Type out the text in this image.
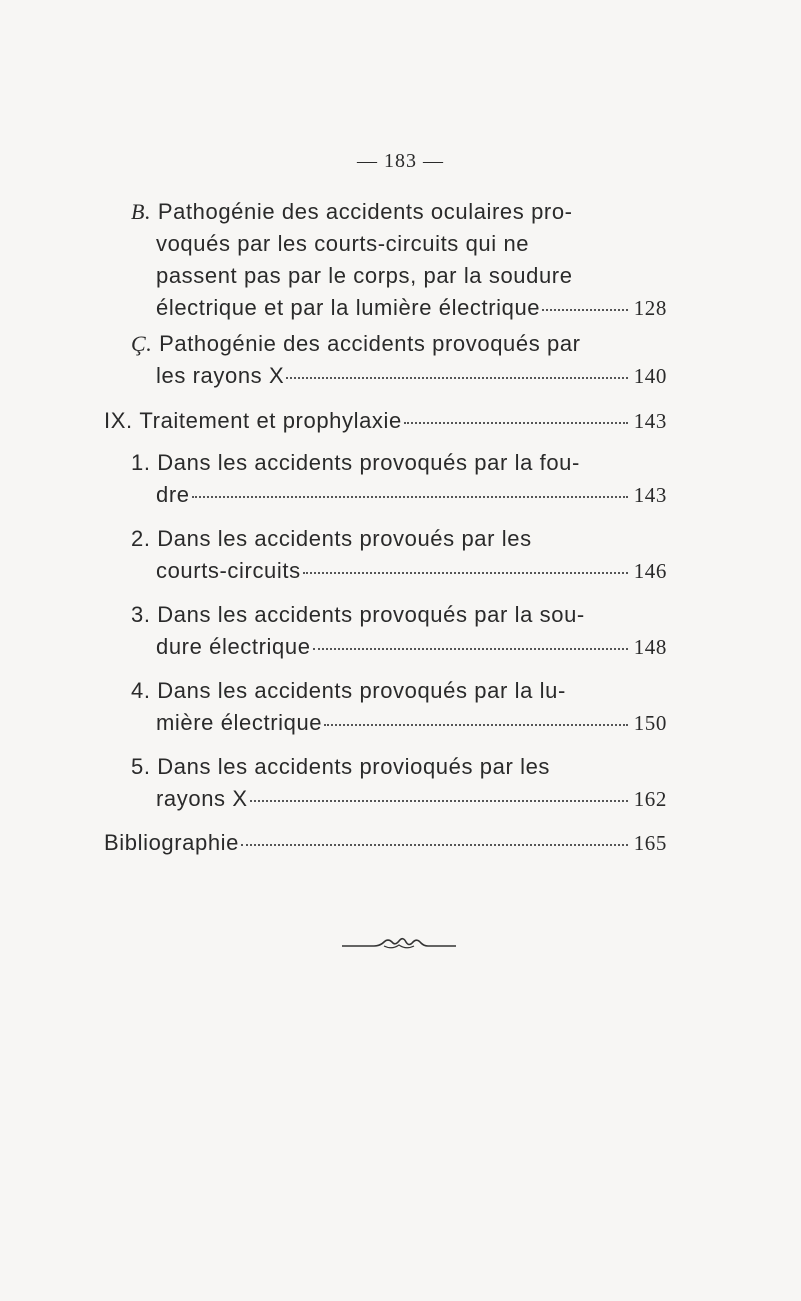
— 183 —
B.
Pathogénie des accidents oculaires pro-
voqués par les courts-circuits qui ne
passent pas par le corps, par la soudure
électrique et par la lumière électrique	128
Ç.
Pathogénie des accidents provoqués par
les rayons X	140
IX.
Traitement et prophylaxie	143
1.
Dans les accidents provoqués par la fou-
dre	143
2.
Dans les accidents provoués par les
courts-circuits	146
3.
Dans les accidents provoqués par la sou-
dure électrique	148
4.
Dans les accidents provoqués par la lu-
mière électrique	150
5.
Dans les accidents provioqués par les
rayons X	162
Bibliographie	165
